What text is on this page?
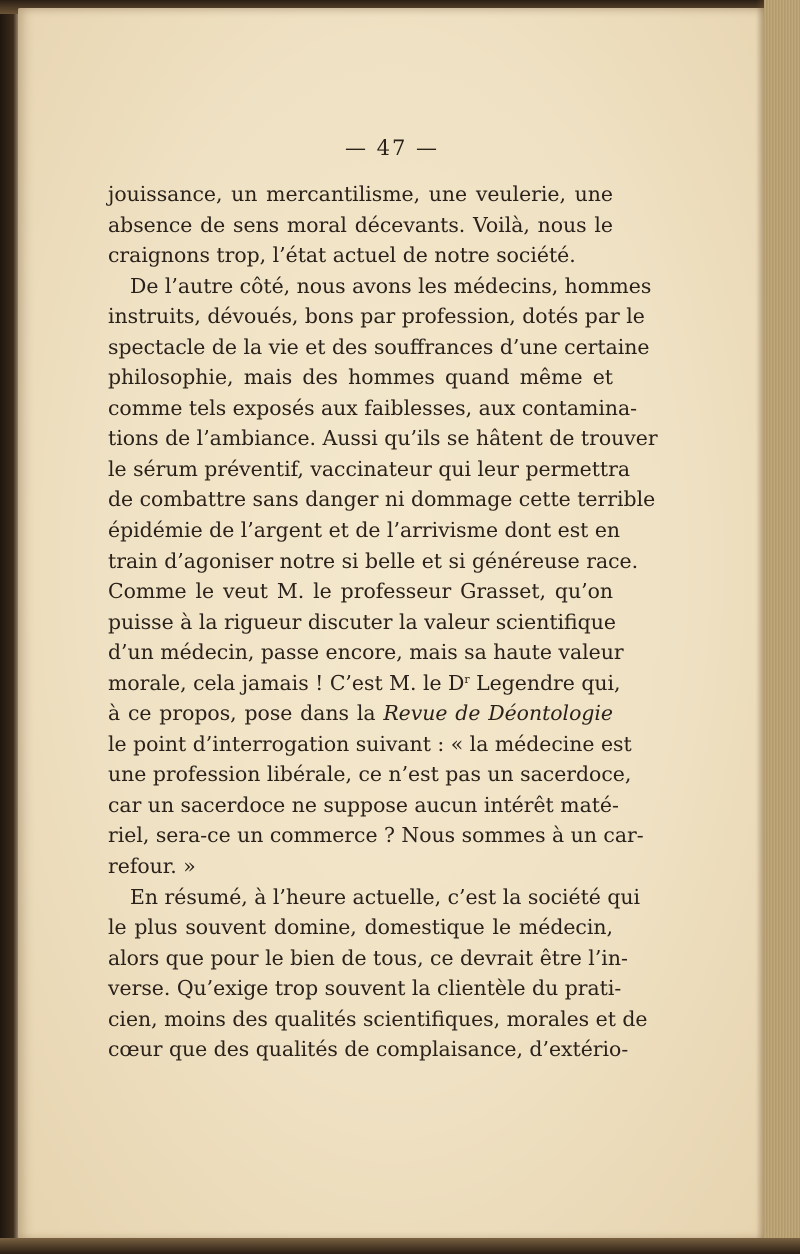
— 47 —
jouissance, un mercantilisme, une veulerie, une
absence de sens moral décevants. Voilà, nous le
craignons trop, l’état actuel de notre société.
De l’autre côté, nous avons les médecins, hommes
instruits, dévoués, bons par profession, dotés par le
spectacle de la vie et des souffrances d’une certaine
philosophie, mais des hommes quand même et
comme tels exposés aux faiblesses, aux contamina-
tions de l’ambiance. Aussi qu’ils se hâtent de trouver
le sérum préventif, vaccinateur qui leur permettra
de combattre sans danger ni dommage cette terrible
épidémie de l’argent et de l’arrivisme dont est en
train d’agoniser notre si belle et si généreuse race.
Comme le veut M. le professeur Grasset, qu’on
puisse à la rigueur discuter la valeur scientifique
d’un médecin, passe encore, mais sa haute valeur
morale, cela jamais ! C’est M. le $D^r$ Legendre qui,
à ce propos, pose dans la Revue de Déontologie
le point d’interrogation suivant : « la médecine est
une profession libérale, ce n’est pas un sacerdoce,
car un sacerdoce ne suppose aucun intérêt maté-
riel, sera-ce un commerce ? Nous sommes à un car-
refour. »
En résumé, à l’heure actuelle, c’est la société qui
le plus souvent domine, domestique le médecin,
alors que pour le bien de tous, ce devrait être l’in-
verse. Qu’exige trop souvent la clientèle du prati-
cien, moins des qualités scientifiques, morales et de
cœur que des qualités de complaisance, d’extério-
